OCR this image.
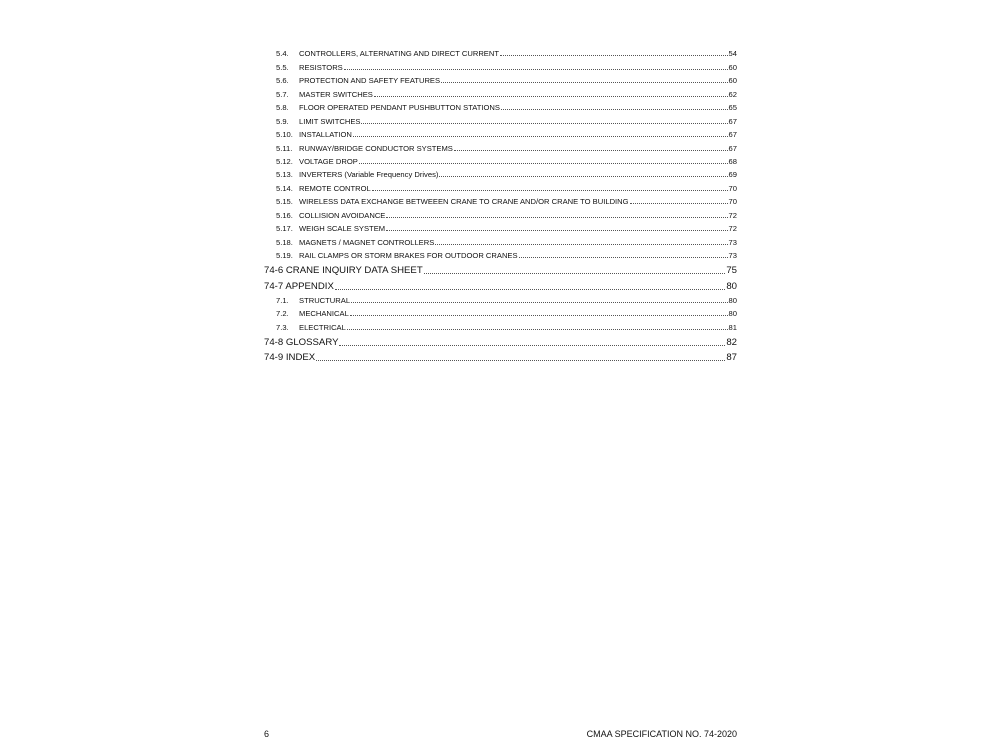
5.4.	CONTROLLERS, ALTERNATING AND DIRECT CURRENT	54
5.5.	RESISTORS	60
5.6.	PROTECTION AND SAFETY FEATURES	60
5.7.	MASTER SWITCHES	62
5.8.	FLOOR OPERATED PENDANT PUSHBUTTON STATIONS	65
5.9.	LIMIT SWITCHES	67
5.10. INSTALLATION	67
5.11. RUNWAY/BRIDGE CONDUCTOR SYSTEMS	67
5.12. VOLTAGE DROP	68
5.13. INVERTERS (Variable Frequency Drives)	69
5.14. REMOTE CONTROL	70
5.15. WIRELESS DATA EXCHANGE BETWEEEN CRANE TO CRANE AND/OR CRANE TO BUILDING	70
5.16. COLLISION AVOIDANCE	72
5.17. WEIGH SCALE SYSTEM	72
5.18. MAGNETS / MAGNET CONTROLLERS	73
5.19. RAIL CLAMPS OR STORM BRAKES FOR OUTDOOR CRANES	73
74-6 CRANE INQUIRY DATA SHEET	75
74-7 APPENDIX	80
7.1.	STRUCTURAL	80
7.2.	MECHANICAL	80
7.3.	ELECTRICAL	81
74-8 GLOSSARY	82
74-9 INDEX	87
6	CMAA SPECIFICATION NO. 74-2020
